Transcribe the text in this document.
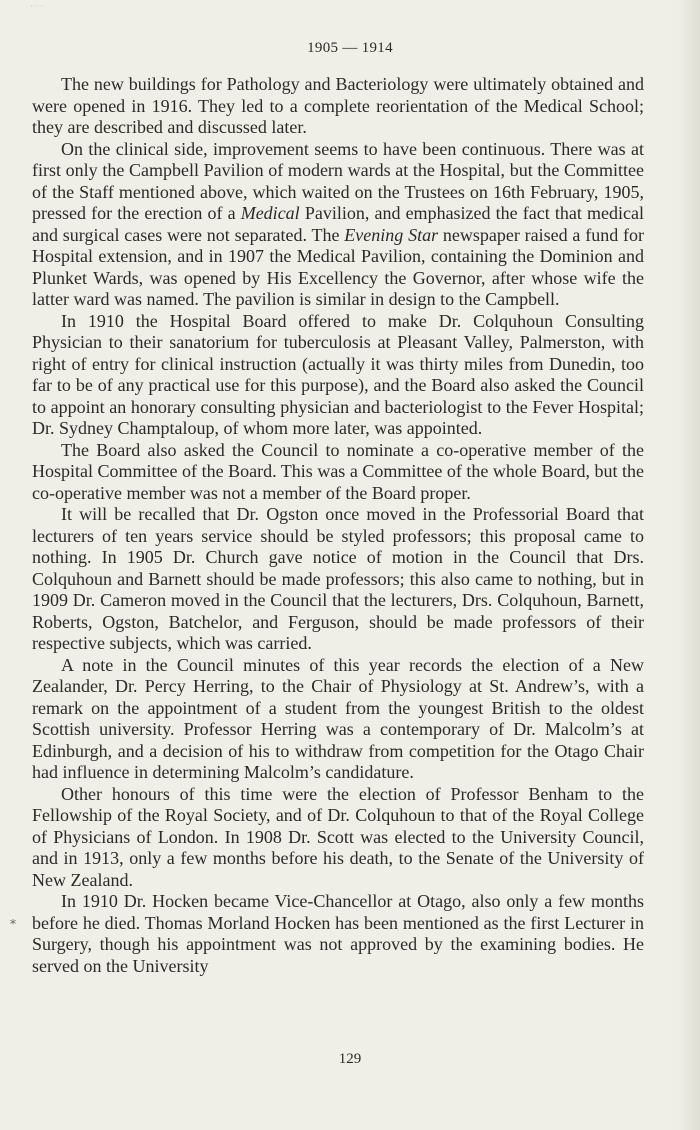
·····
1905 — 1914

The new buildings for Pathology and Bacteriology were ultimately obtained and were opened in 1916. They led to a complete reorientation of the Medical School; they are described and discussed later.

On the clinical side, improvement seems to have been continuous. There was at first only the Campbell Pavilion of modern wards at the Hospital, but the Committee of the Staff mentioned above, which waited on the Trustees on 16th February, 1905, pressed for the erection of a Medical Pavilion, and emphasized the fact that medical and surgical cases were not separated. The Evening Star newspaper raised a fund for Hospital extension, and in 1907 the Medical Pavilion, containing the Dominion and Plunket Wards, was opened by His Excellency the Governor, after whose wife the latter ward was named. The pavilion is similar in design to the Campbell.

In 1910 the Hospital Board offered to make Dr. Colquhoun Consulting Physician to their sanatorium for tuberculosis at Pleasant Valley, Palmerston, with right of entry for clinical instruction (actually it was thirty miles from Dunedin, too far to be of any practical use for this purpose), and the Board also asked the Council to appoint an honorary consulting physician and bacteriologist to the Fever Hospital; Dr. Sydney Champtaloup, of whom more later, was appointed.

The Board also asked the Council to nominate a co-operative member of the Hospital Committee of the Board. This was a Committee of the whole Board, but the co-operative member was not a member of the Board proper.

It will be recalled that Dr. Ogston once moved in the Professorial Board that lecturers of ten years service should be styled professors; this proposal came to nothing. In 1905 Dr. Church gave notice of motion in the Council that Drs. Colquhoun and Barnett should be made professors; this also came to nothing, but in 1909 Dr. Cameron moved in the Council that the lecturers, Drs. Colquhoun, Barnett, Roberts, Ogston, Batchelor, and Ferguson, should be made professors of their respective subjects, which was carried.

A note in the Council minutes of this year records the election of a New Zealander, Dr. Percy Herring, to the Chair of Physiology at St. Andrew’s, with a remark on the appointment of a student from the youngest British to the oldest Scottish university. Professor Herring was a contemporary of Dr. Malcolm’s at Edinburgh, and a decision of his to withdraw from competition for the Otago Chair had influence in determining Malcolm’s candidature.

Other honours of this time were the election of Professor Benham to the Fellowship of the Royal Society, and of Dr. Colquhoun to that of the Royal College of Physicians of London. In 1908 Dr. Scott was elected to the University Council, and in 1913, only a few months before his death, to the Senate of the University of New Zealand.

In 1910 Dr. Hocken became Vice-Chancellor at Otago, also only a few months before he died. Thomas Morland Hocken has been mentioned as the first Lecturer in Surgery, though his appointment was not approved by the examining bodies. He served on the University

*
129
